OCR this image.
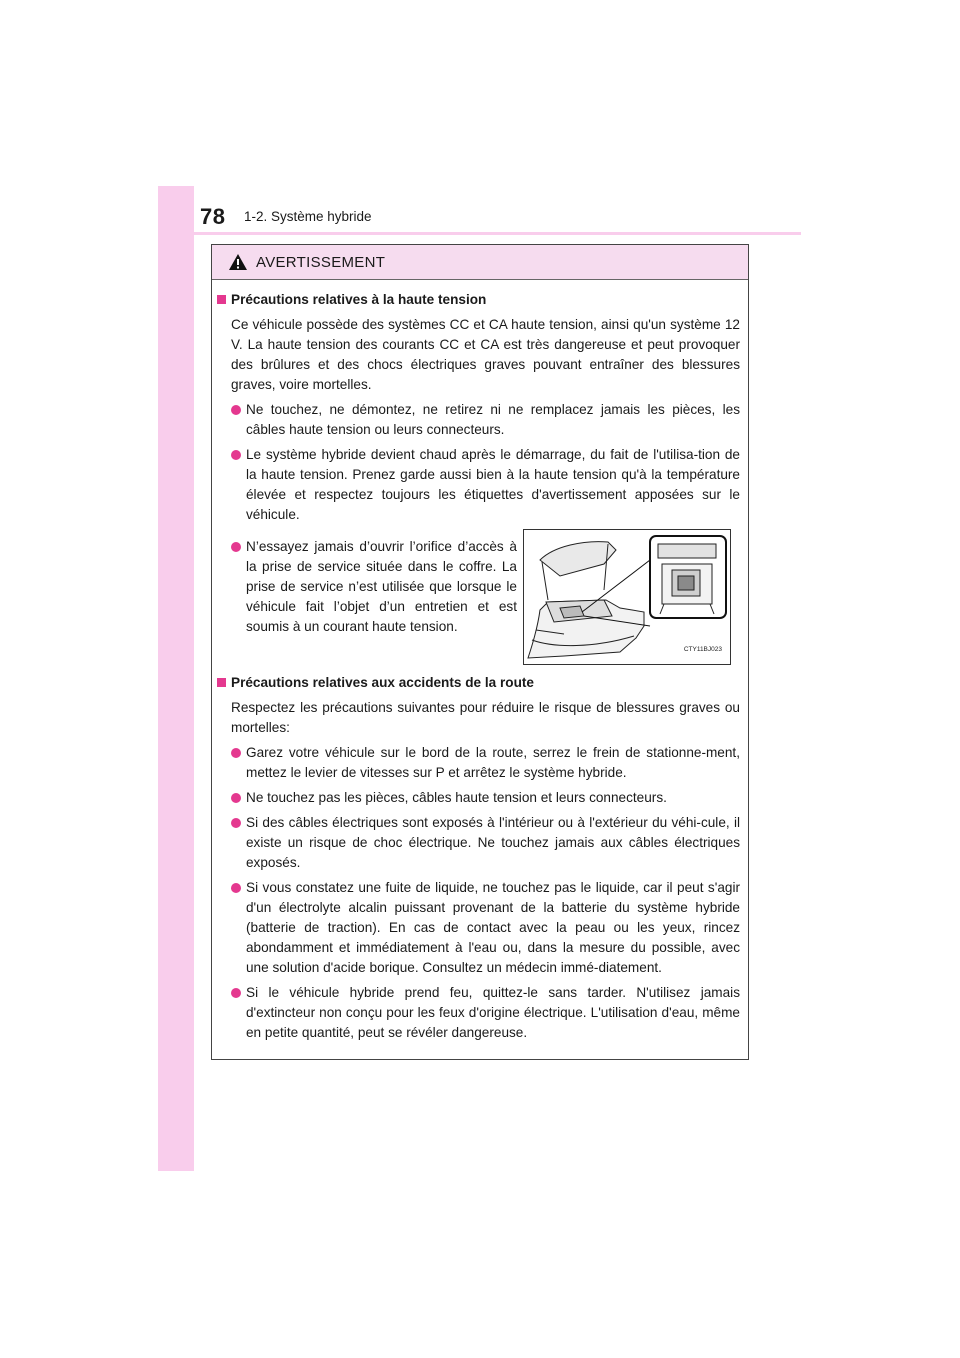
78 1-2. Système hybride
AVERTISSEMENT
Précautions relatives à la haute tension
Ce véhicule possède des systèmes CC et CA haute tension, ainsi qu'un système 12 V. La haute tension des courants CC et CA est très dangereuse et peut provoquer des brûlures et des chocs électriques graves pouvant entraîner des blessures graves, voire mortelles.
Ne touchez, ne démontez, ne retirez ni ne remplacez jamais les pièces, les câbles haute tension ou leurs connecteurs.
Le système hybride devient chaud après le démarrage, du fait de l'utilisa-tion de la haute tension. Prenez garde aussi bien à la haute tension qu'à la température élevée et respectez toujours les étiquettes d'avertissement apposées sur le véhicule.
N’essayez jamais d’ouvrir l’orifice d’accès à la prise de service située dans le coffre. La prise de service n’est utilisée que lorsque le véhicule fait l’objet d’un entretien et est soumis à un courant haute tension.
CTY11BJ023
Précautions relatives aux accidents de la route
Respectez les précautions suivantes pour réduire le risque de blessures graves ou mortelles:
Garez votre véhicule sur le bord de la route, serrez le frein de stationne-ment, mettez le levier de vitesses sur P et arrêtez le système hybride.
Ne touchez pas les pièces, câbles haute tension et leurs connecteurs.
Si des câbles électriques sont exposés à l'intérieur ou à l'extérieur du véhi-cule, il existe un risque de choc électrique. Ne touchez jamais aux câbles électriques exposés.
Si vous constatez une fuite de liquide, ne touchez pas le liquide, car il peut s'agir d'un électrolyte alcalin puissant provenant de la batterie du système hybride (batterie de traction). En cas de contact avec la peau ou les yeux, rincez abondamment et immédiatement à l'eau ou, dans la mesure du possible, avec une solution d'acide borique. Consultez un médecin immé-diatement.
Si le véhicule hybride prend feu, quittez-le sans tarder. N'utilisez jamais d'extincteur non conçu pour les feux d'origine électrique. L'utilisation d'eau, même en petite quantité, peut se révéler dangereuse.
